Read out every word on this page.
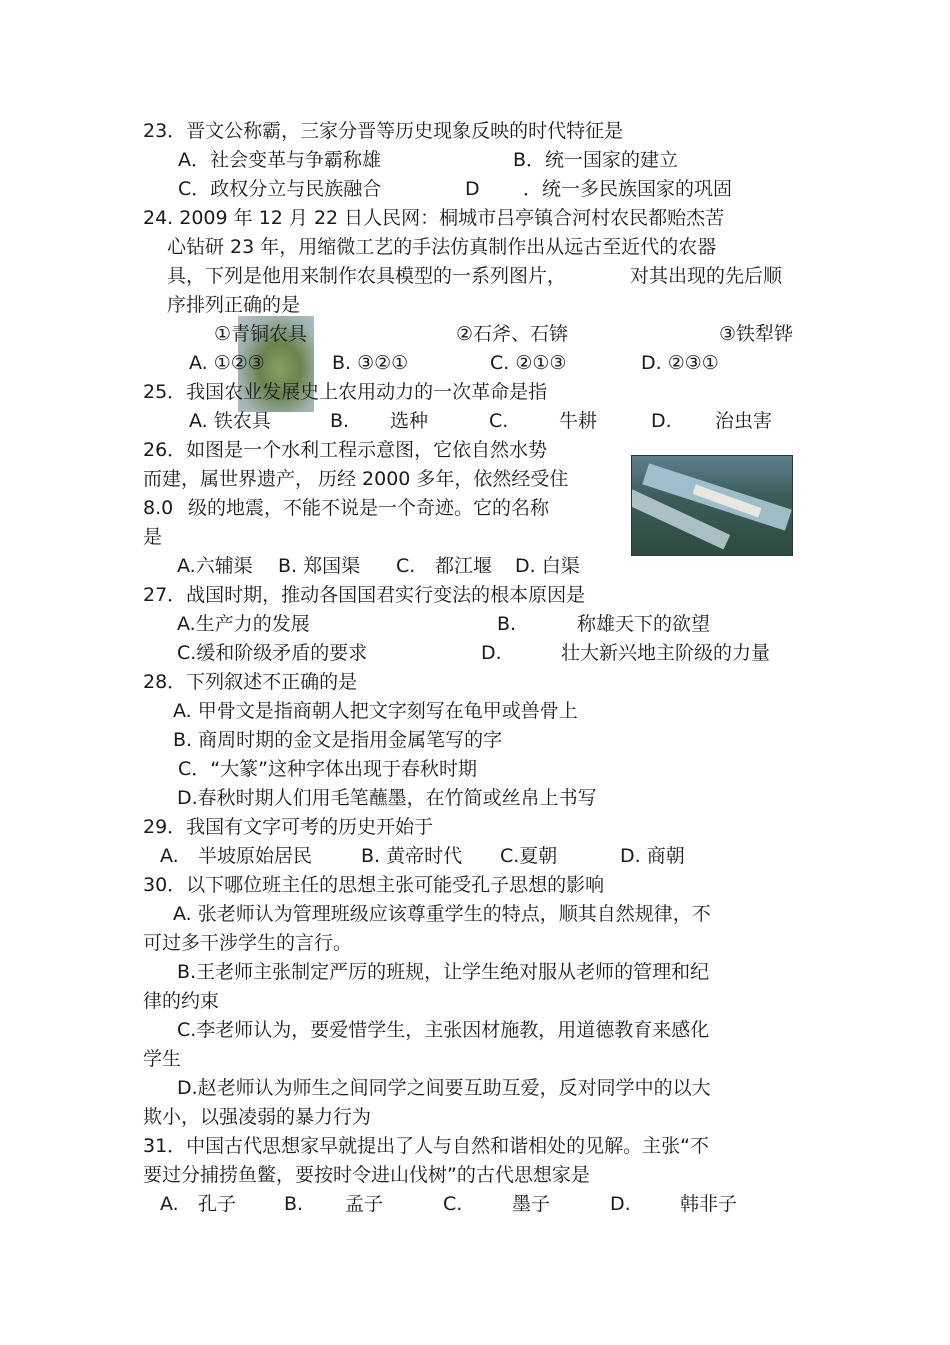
23．晋文公称霸，三家分晋等历史现象反映的时代特征是
A．社会变革与争霸称雄	B．统一国家的建立
C．政权分立与民族融合	D ．统一多民族国家的巩固
24. 2009 年 12 月 22 日人民网：桐城市吕亭镇合河村农民都贻杰苦
心钻研 23 年，用缩微工艺的手法仿真制作出从远古至近代的农器
具，下列是他用来制作农具模型的一系列图片，	对其出现的先后顺
序排列正确的是
①青铜农具	②石斧、石锛	③铁犁铧
A. ①②③	B. ③②①	C. ②①③	D. ②③①
25．我国农业发展史上农用动力的一次革命是指
A. 铁农具	B. 选种	C.	牛耕	D. 治虫害
26．如图是一个水利工程示意图，它依自然水势
而建，属世界遗产， 历经 2000 多年，依然经受住
8.0 级的地震，不能不说是一个奇迹。它的名称
是
A.六辅渠 B. 郑国渠 C. 都江堰 D. 白渠
27．战国时期，推动各国国君实行变法的根本原因是
A.生产力的发展	B.	称雄天下的欲望
C.缓和阶级矛盾的要求	D.	壮大新兴地主阶级的力量
28．下列叙述不正确的是
A. 甲骨文是指商朝人把文字刻写在龟甲或兽骨上
B. 商周时期的金文是指用金属笔写的字
C．“大篆”这种字体出现于春秋时期
D.春秋时期人们用毛笔蘸墨，在竹简或丝帛上书写
29．我国有文字可考的历史开始于
A. 半坡原始居民	B. 黄帝时代 C.夏朝	D. 商朝
30．以下哪位班主任的思想主张可能受孔子思想的影响
A. 张老师认为管理班级应该尊重学生的特点，顺其自然规律，不
可过多干涉学生的言行。
B.王老师主张制定严厉的班规，让学生绝对服从老师的管理和纪
律的约束
C.李老师认为，要爱惜学生，主张因材施教，用道德教育来感化
学生
D.赵老师认为师生之间同学之间要互助互爱，反对同学中的以大
欺小，以强凌弱的暴力行为
31．中国古代思想家早就提出了人与自然和谐相处的见解。主张“不
要过分捕捞鱼鳖，要按时令进山伐树”的古代思想家是
A. 孔子	B. 孟子	C.	墨子	D.	韩非子
